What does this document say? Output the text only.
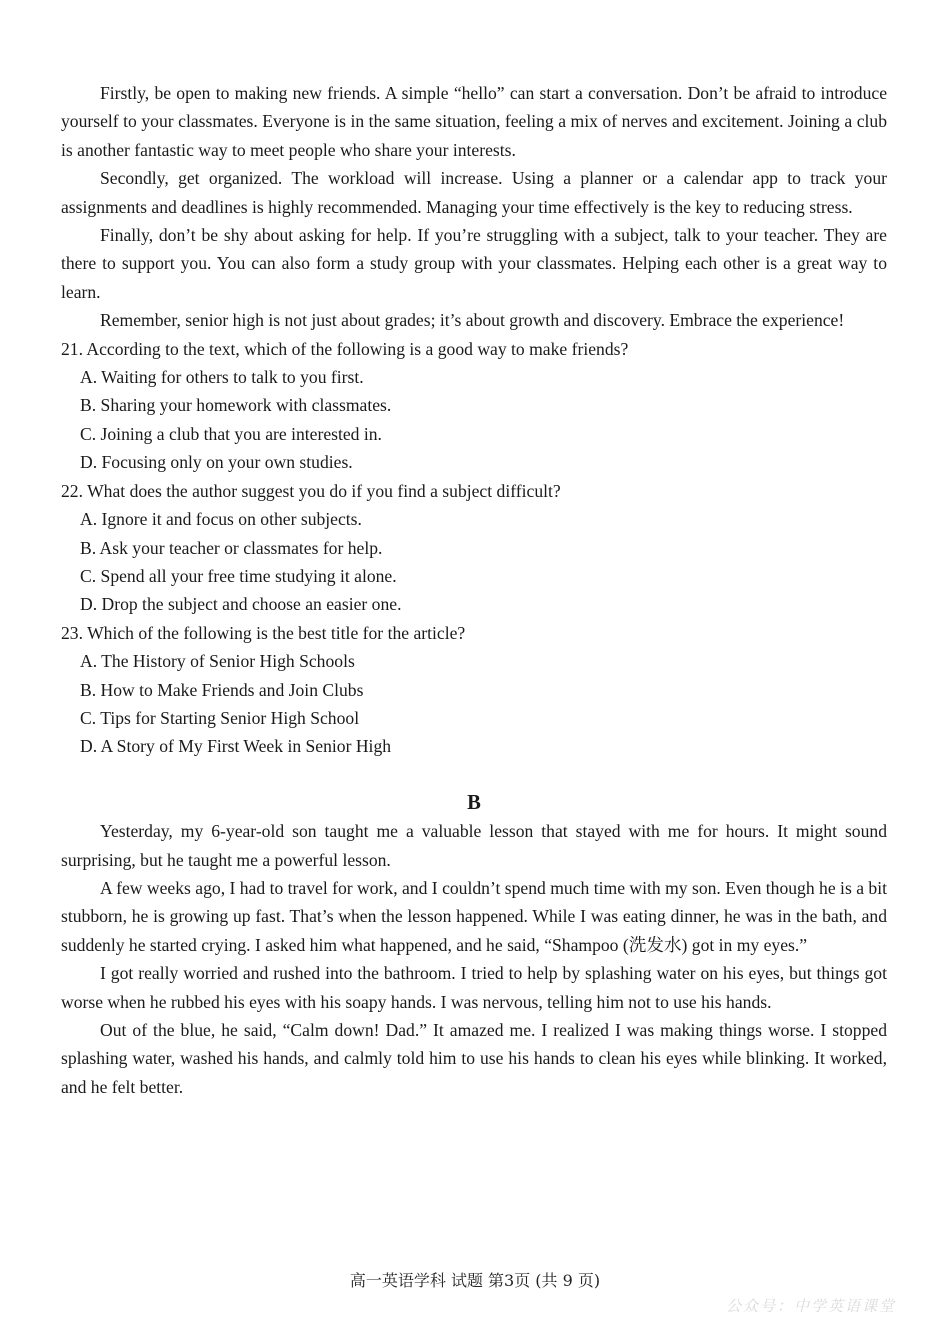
Firstly, be open to making new friends. A simple “hello” can start a conversation. Don’t be afraid to introduce yourself to your classmates. Everyone is in the same situation, feeling a mix of nerves and excitement. Joining a club is another fantastic way to meet people who share your interests.

Secondly, get organized. The workload will increase. Using a planner or a calendar app to track your assignments and deadlines is highly recommended. Managing your time effectively is the key to reducing stress.

Finally, don’t be shy about asking for help. If you’re struggling with a subject, talk to your teacher. They are there to support you. You can also form a study group with your classmates. Helping each other is a great way to learn.

Remember, senior high is not just about grades; it’s about growth and discovery. Embrace the experience!

21. According to the text, which of the following is a good way to make friends?

A. Waiting for others to talk to you first.

B. Sharing your homework with classmates.

C. Joining a club that you are interested in.

D. Focusing only on your own studies.

22. What does the author suggest you do if you find a subject difficult?

A. Ignore it and focus on other subjects.

B. Ask your teacher or classmates for help.

C. Spend all your free time studying it alone.

D. Drop the subject and choose an easier one.

23. Which of the following is the best title for the article?

A. The History of Senior High Schools

B. How to Make Friends and Join Clubs

C. Tips for Starting Senior High School

D. A Story of My First Week in Senior High

B

Yesterday, my 6-year-old son taught me a valuable lesson that stayed with me for hours. It might sound surprising, but he taught me a powerful lesson.

A few weeks ago, I had to travel for work, and I couldn’t spend much time with my son. Even though he is a bit stubborn, he is growing up fast. That’s when the lesson happened. While I was eating dinner, he was in the bath, and suddenly he started crying. I asked him what happened, and he said, “Shampoo (洗发水) got in my eyes.”

I got really worried and rushed into the bathroom. I tried to help by splashing water on his eyes, but things got worse when he rubbed his eyes with his soapy hands. I was nervous, telling him not to use his hands.

Out of the blue, he said, “Calm down! Dad.” It amazed me. I realized I was making things worse. I stopped splashing water, washed his hands, and calmly told him to use his hands to clean his eyes while blinking. It worked, and he felt better.

高一英语学科 试题 第3页 (共 9 页)
公众号：中学英语课堂
